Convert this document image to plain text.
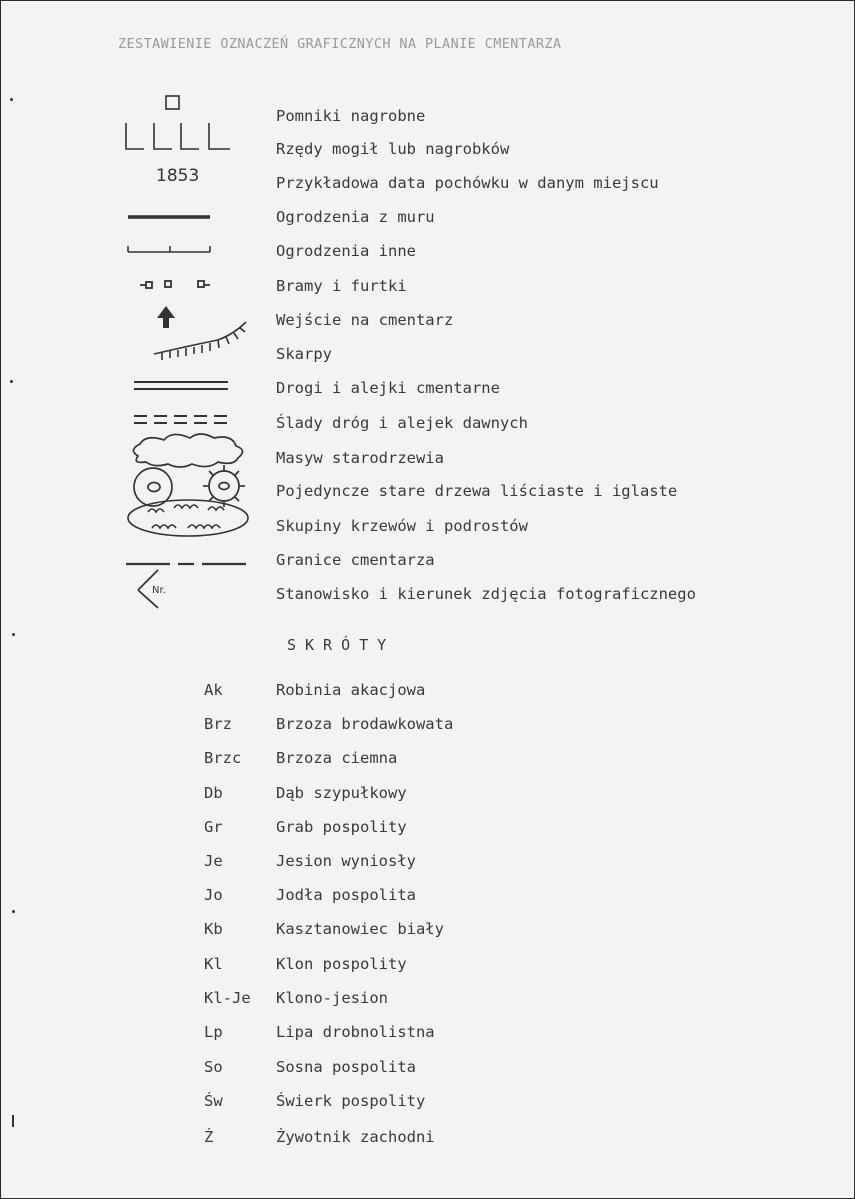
ZESTAWIENIE OZNACZEŃ GRAFICZNYCH NA PLANIE CMENTARZA
Pomniki nagrobne
Rzędy mogił lub nagrobków
1853	Przykładowa data pochówku w danym miejscu
Ogrodzenia z muru
Ogrodzenia inne
Bramy i furtki
Wejście na cmentarz
Skarpy
Drogi i alejki cmentarne
Ślady dróg i alejek dawnych
Masyw starodrzewia
Pojedyncze stare drzewa liściaste i iglaste
Skupiny krzewów i podrostów
Granice cmentarza
Nr.	Stanowisko i kierunek zdjęcia fotograficznego
SKRÓTY
Ak	Robinia akacjowa
Brz	Brzoza brodawkowata
Brzc Brzoza ciemna
Db	Dąb szypułkowy
Gr	Grab pospolity
Je	Jesion wyniosły
Jo	Jodła pospolita
Kb	Kasztanowiec biały
Kl	Klon pospolity
Kl-Je Klono-jesion
Lp	Lipa drobnolistna
So	Sosna pospolita
Św	Świerk pospolity
Ż	Żywotnik zachodni
